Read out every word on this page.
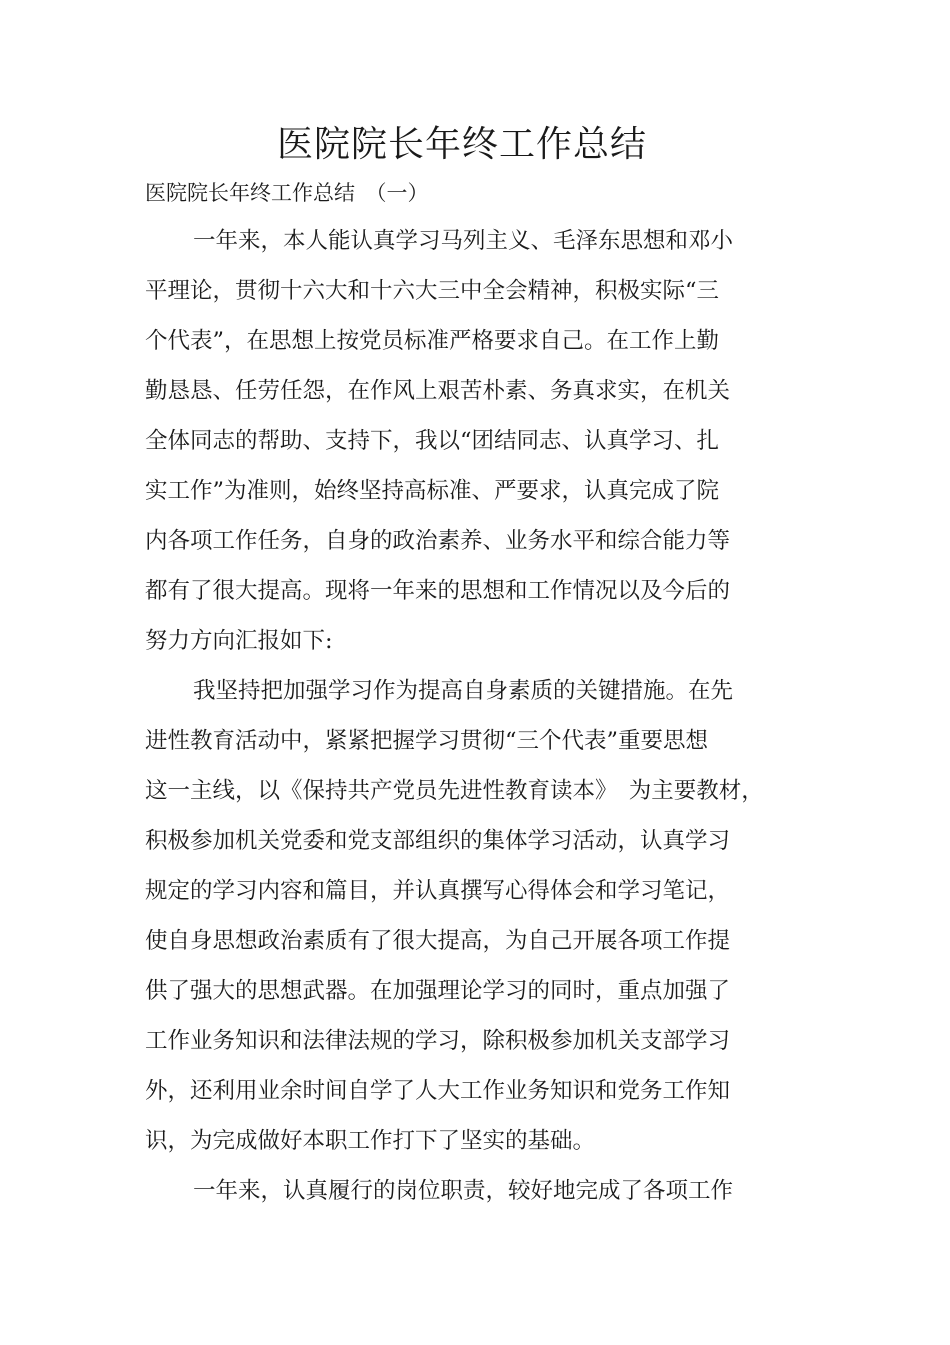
医院院长年终工作总结
医院院长年终工作总结　（一）
一年来，本人能认真学习马列主义、毛泽东思想和邓小
平理论，贯彻十六大和十六大三中全会精神，积极实际“三
个代表”，在思想上按党员标准严格要求自己。在工作上勤
勤恳恳、任劳任怨，在作风上艰苦朴素、务真求实，在机关
全体同志的帮助、支持下，我以“团结同志、认真学习、扎
实工作”为准则，始终坚持高标准、严要求，认真完成了院
内各项工作任务，自身的政治素养、业务水平和综合能力等
都有了很大提高。现将一年来的思想和工作情况以及今后的
努力方向汇报如下:
我坚持把加强学习作为提高自身素质的关键措施。在先
进性教育活动中，紧紧把握学习贯彻“三个代表”重要思想
这一主线，以《保持共产党员先进性教育读本》　为主要教材，
积极参加机关党委和党支部组织的集体学习活动，认真学习
规定的学习内容和篇目，并认真撰写心得体会和学习笔记，
使自身思想政治素质有了很大提高，为自己开展各项工作提
供了强大的思想武器。在加强理论学习的同时，重点加强了
工作业务知识和法律法规的学习，除积极参加机关支部学习
外，还利用业余时间自学了人大工作业务知识和党务工作知
识，为完成做好本职工作打下了坚实的基础。
一年来，认真履行的岗位职责，较好地完成了各项工作
